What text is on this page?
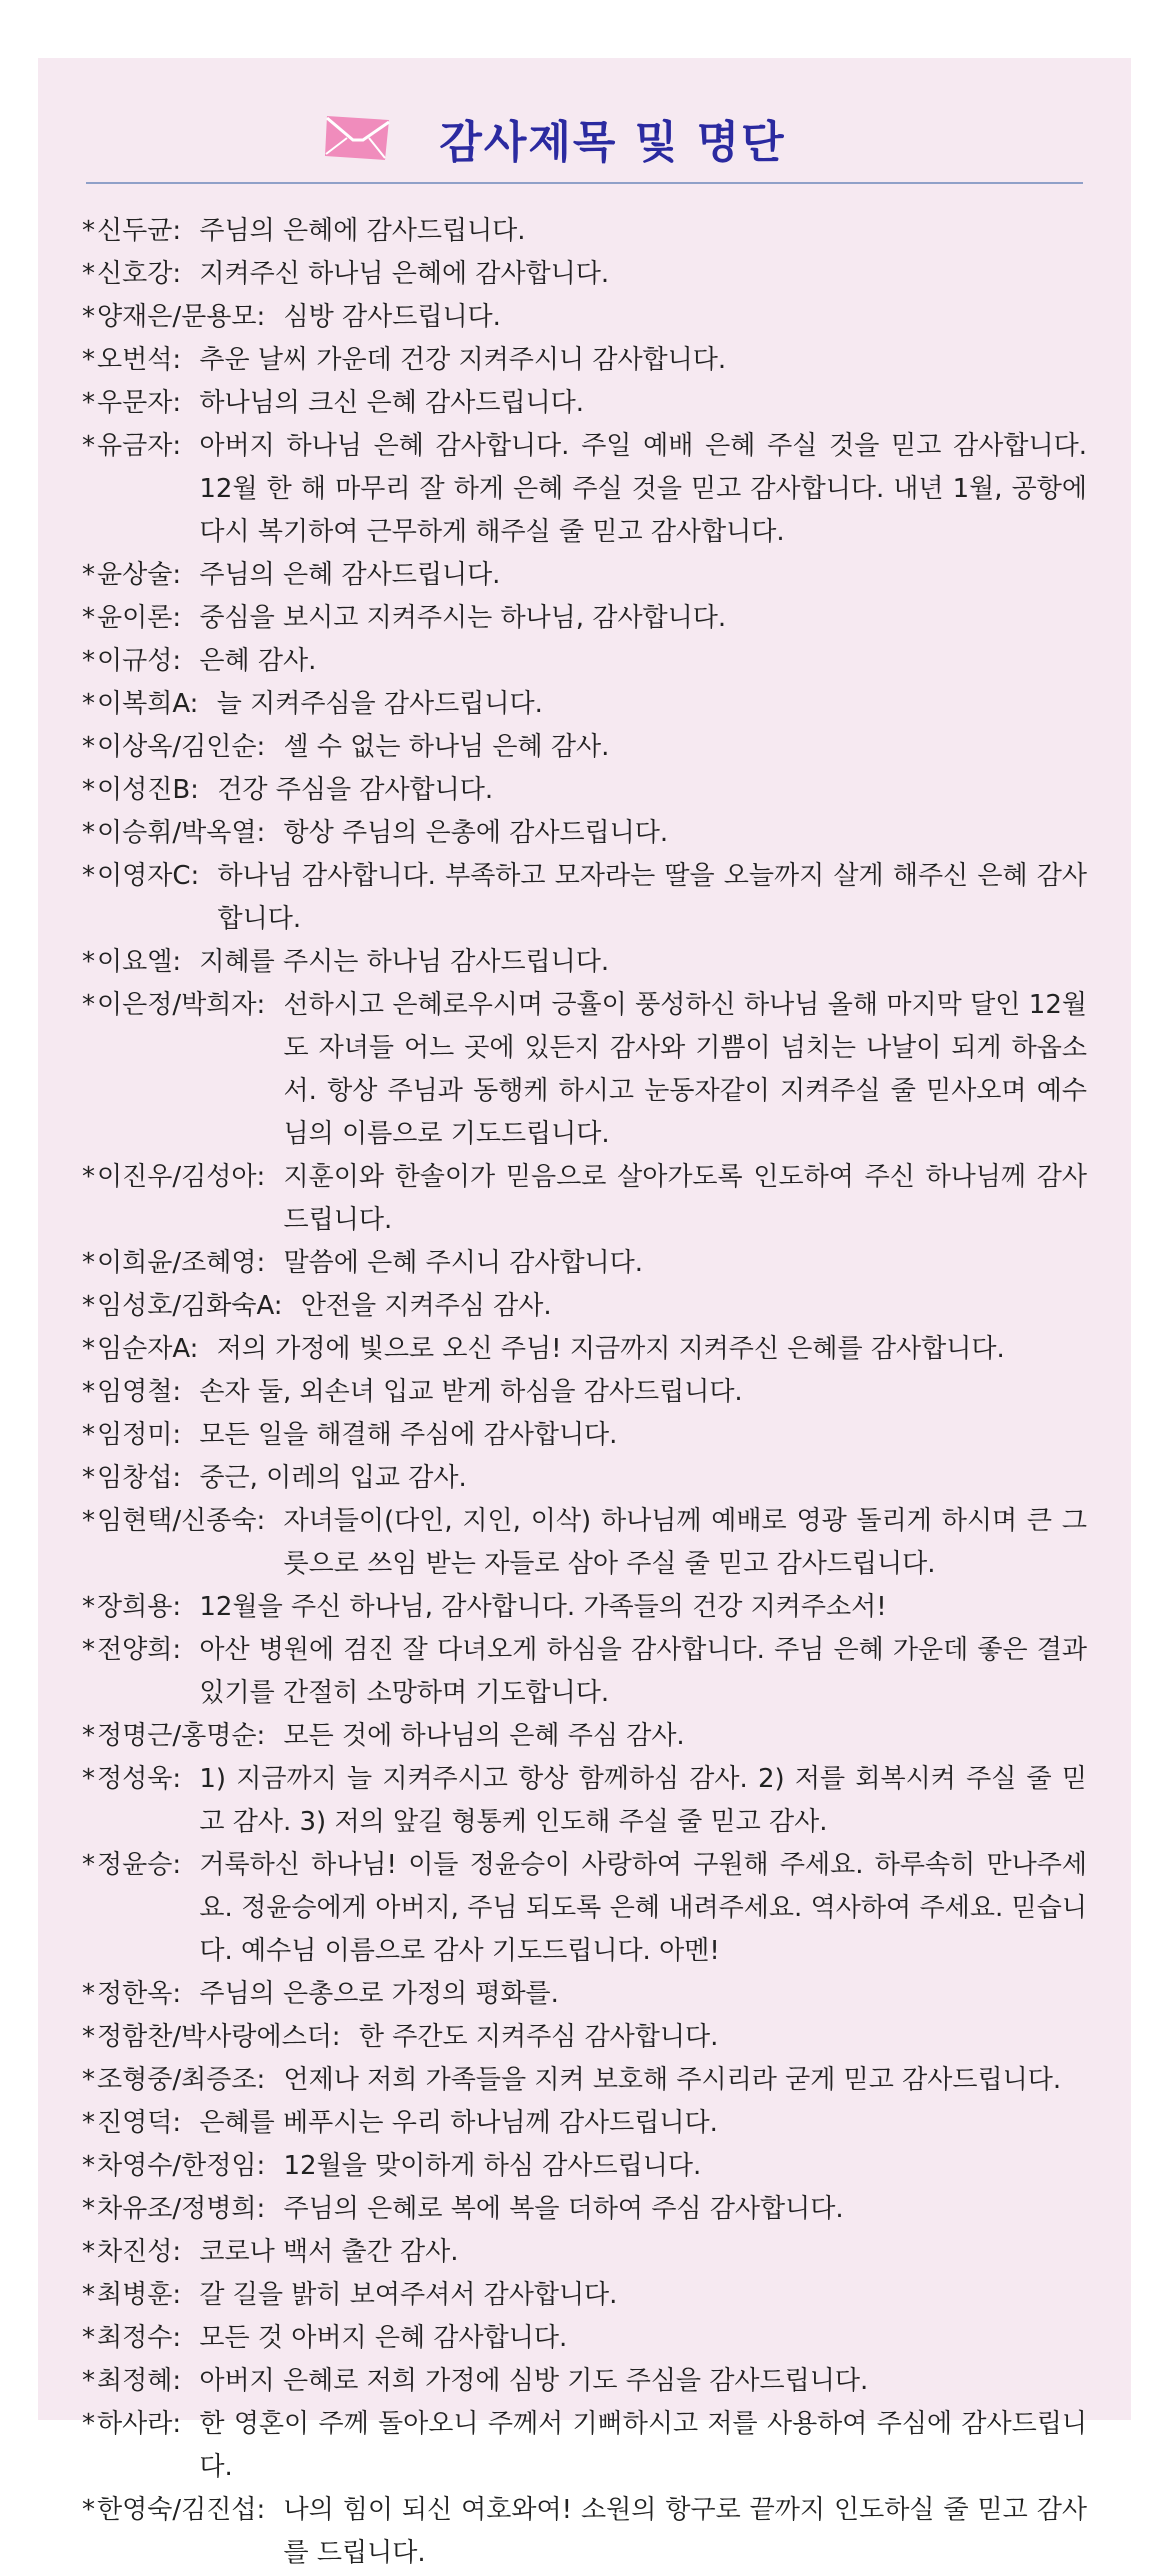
감사제목 및 명단
*신두균: 주님의 은혜에 감사드립니다.
*신호강: 지켜주신 하나님 은혜에 감사합니다.
*양재은/문용모: 심방 감사드립니다.
*오번석: 추운 날씨 가운데 건강 지켜주시니 감사합니다.
*우문자: 하나님의 크신 은혜 감사드립니다.
*유금자: 아버지 하나님 은혜 감사합니다. 주일 예배 은혜 주실 것을 믿고 감사합니다. 12월 한 해 마무리 잘 하게 은혜 주실 것을 믿고 감사합니다. 내년 1월, 공항에 다시 복기하여 근무하게 해주실 줄 믿고 감사합니다.
*윤상술: 주님의 은혜 감사드립니다.
*윤이론: 중심을 보시고 지켜주시는 하나님, 감사합니다.
*이규성: 은혜 감사.
*이복희A: 늘 지켜주심을 감사드립니다.
*이상옥/김인순: 셀 수 없는 하나님 은혜 감사.
*이성진B: 건강 주심을 감사합니다.
*이승휘/박옥열: 항상 주님의 은총에 감사드립니다.
*이영자C: 하나님 감사합니다. 부족하고 모자라는 딸을 오늘까지 살게 해주신 은혜 감사합니다.
*이요엘: 지혜를 주시는 하나님 감사드립니다.
*이은정/박희자: 선하시고 은혜로우시며 긍휼이 풍성하신 하나님 올해 마지막 달인 12월도 자녀들 어느 곳에 있든지 감사와 기쁨이 넘치는 나날이 되게 하옵소서. 항상 주님과 동행케 하시고 눈동자같이 지켜주실 줄 믿사오며 예수님의 이름으로 기도드립니다.
*이진우/김성아: 지훈이와 한솔이가 믿음으로 살아가도록 인도하여 주신 하나님께 감사드립니다.
*이희윤/조혜영: 말씀에 은혜 주시니 감사합니다.
*임성호/김화숙A: 안전을 지켜주심 감사.
*임순자A: 저의 가정에 빛으로 오신 주님! 지금까지 지켜주신 은혜를 감사합니다.
*임영철: 손자 둘, 외손녀 입교 받게 하심을 감사드립니다.
*임정미: 모든 일을 해결해 주심에 감사합니다.
*임창섭: 중근, 이레의 입교 감사.
*임현택/신종숙: 자녀들이(다인, 지인, 이삭) 하나님께 예배로 영광 돌리게 하시며 큰 그릇으로 쓰임 받는 자들로 삼아 주실 줄 믿고 감사드립니다.
*장희용: 12월을 주신 하나님, 감사합니다. 가족들의 건강 지켜주소서!
*전양희: 아산 병원에 검진 잘 다녀오게 하심을 감사합니다. 주님 은혜 가운데 좋은 결과 있기를 간절히 소망하며 기도합니다.
*정명근/홍명순: 모든 것에 하나님의 은혜 주심 감사.
*정성욱: 1) 지금까지 늘 지켜주시고 항상 함께하심 감사. 2) 저를 회복시켜 주실 줄 믿고 감사. 3) 저의 앞길 형통케 인도해 주실 줄 믿고 감사.
*정윤승: 거룩하신 하나님! 이들 정윤승이 사랑하여 구원해 주세요. 하루속히 만나주세요. 정윤승에게 아버지, 주님 되도록 은혜 내려주세요. 역사하여 주세요. 믿습니다. 예수님 이름으로 감사 기도드립니다. 아멘!
*정한옥: 주님의 은총으로 가정의 평화를.
*정함찬/박사랑에스더: 한 주간도 지켜주심 감사합니다.
*조형중/최증조: 언제나 저희 가족들을 지켜 보호해 주시리라 굳게 믿고 감사드립니다.
*진영덕: 은혜를 베푸시는 우리 하나님께 감사드립니다.
*차영수/한정임: 12월을 맞이하게 하심 감사드립니다.
*차유조/정병희: 주님의 은혜로 복에 복을 더하여 주심 감사합니다.
*차진성: 코로나 백서 출간 감사.
*최병훈: 갈 길을 밝히 보여주셔서 감사합니다.
*최정수: 모든 것 아버지 은혜 감사합니다.
*최정혜: 아버지 은혜로 저희 가정에 심방 기도 주심을 감사드립니다.
*하사라: 한 영혼이 주께 돌아오니 주께서 기뻐하시고 저를 사용하여 주심에 감사드립니다.
*한영숙/김진섭: 나의 힘이 되신 여호와여! 소원의 항구로 끝까지 인도하실 줄 믿고 감사를 드립니다.
